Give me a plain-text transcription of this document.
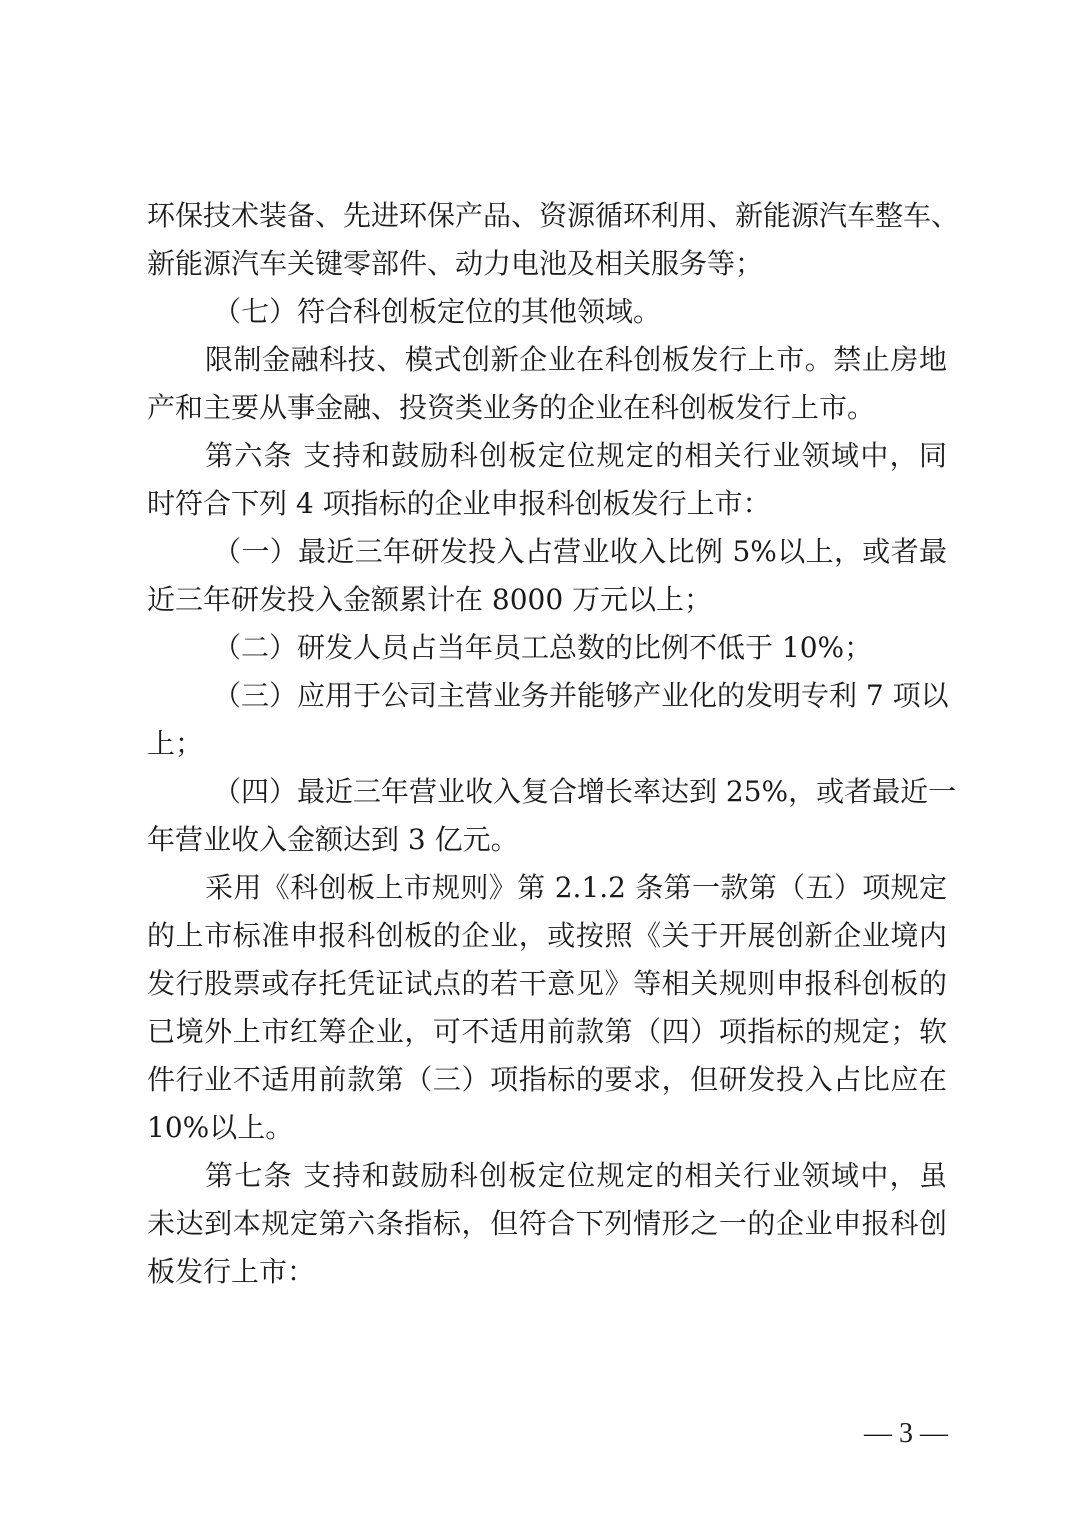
环保技术装备、先进环保产品、资源循环利用、新能源汽车整车、
新能源汽车关键零部件、动力电池及相关服务等；
（七）符合科创板定位的其他领域。
限制金融科技、模式创新企业在科创板发行上市。禁止房地
产和主要从事金融、投资类业务的企业在科创板发行上市。
第六条 支持和鼓励科创板定位规定的相关行业领域中，同
时符合下列 4 项指标的企业申报科创板发行上市：
（一）最近三年研发投入占营业收入比例 5%以上，或者最
近三年研发投入金额累计在 8000 万元以上；
（二）研发人员占当年员工总数的比例不低于 10%；
（三）应用于公司主营业务并能够产业化的发明专利 7 项以
上；
（四）最近三年营业收入复合增长率达到 25%，或者最近一
年营业收入金额达到 3 亿元。
采用《科创板上市规则》第 2.1.2 条第一款第（五）项规定
的上市标准申报科创板的企业，或按照《关于开展创新企业境内
发行股票或存托凭证试点的若干意见》等相关规则申报科创板的
已境外上市红筹企业，可不适用前款第（四）项指标的规定；软
件行业不适用前款第（三）项指标的要求，但研发投入占比应在
10%以上。
第七条 支持和鼓励科创板定位规定的相关行业领域中，虽
未达到本规定第六条指标，但符合下列情形之一的企业申报科创
板发行上市：
— 3 —
